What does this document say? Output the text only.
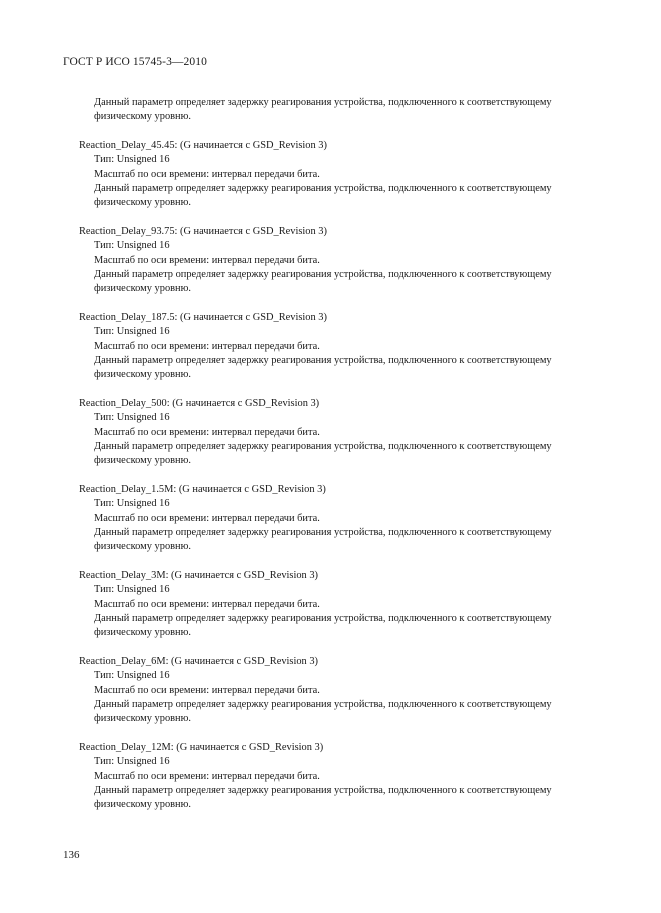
ГОСТ Р ИСО 15745-3—2010
Данный параметр определяет задержку реагирования устройства, подключенного к соответствующему
физическому уровню.
Reaction_Delay_45.45: (G начинается с GSD_Revision 3)
Тип: Unsigned 16
Масштаб по оси времени: интервал передачи бита.
Данный параметр определяет задержку реагирования устройства, подключенного к соответствующему
физическому уровню.
Reaction_Delay_93.75: (G начинается с GSD_Revision 3)
Тип: Unsigned 16
Масштаб по оси времени: интервал передачи бита.
Данный параметр определяет задержку реагирования устройства, подключенного к соответствующему
физическому уровню.
Reaction_Delay_187.5: (G начинается с GSD_Revision 3)
Тип: Unsigned 16
Масштаб по оси времени: интервал передачи бита.
Данный параметр определяет задержку реагирования устройства, подключенного к соответствующему
физическому уровню.
Reaction_Delay_500: (G начинается с GSD_Revision 3)
Тип: Unsigned 16
Масштаб по оси времени: интервал передачи бита.
Данный параметр определяет задержку реагирования устройства, подключенного к соответствующему
физическому уровню.
Reaction_Delay_1.5M: (G начинается с GSD_Revision 3)
Тип: Unsigned 16
Масштаб по оси времени: интервал передачи бита.
Данный параметр определяет задержку реагирования устройства, подключенного к соответствующему
физическому уровню.
Reaction_Delay_3M: (G начинается с GSD_Revision 3)
Тип: Unsigned 16
Масштаб по оси времени: интервал передачи бита.
Данный параметр определяет задержку реагирования устройства, подключенного к соответствующему
физическому уровню.
Reaction_Delay_6M: (G начинается с GSD_Revision 3)
Тип: Unsigned 16
Масштаб по оси времени: интервал передачи бита.
Данный параметр определяет задержку реагирования устройства, подключенного к соответствующему
физическому уровню.
Reaction_Delay_12M: (G начинается с GSD_Revision 3)
Тип: Unsigned 16
Масштаб по оси времени: интервал передачи бита.
Данный параметр определяет задержку реагирования устройства, подключенного к соответствующему
физическому уровню.
136
